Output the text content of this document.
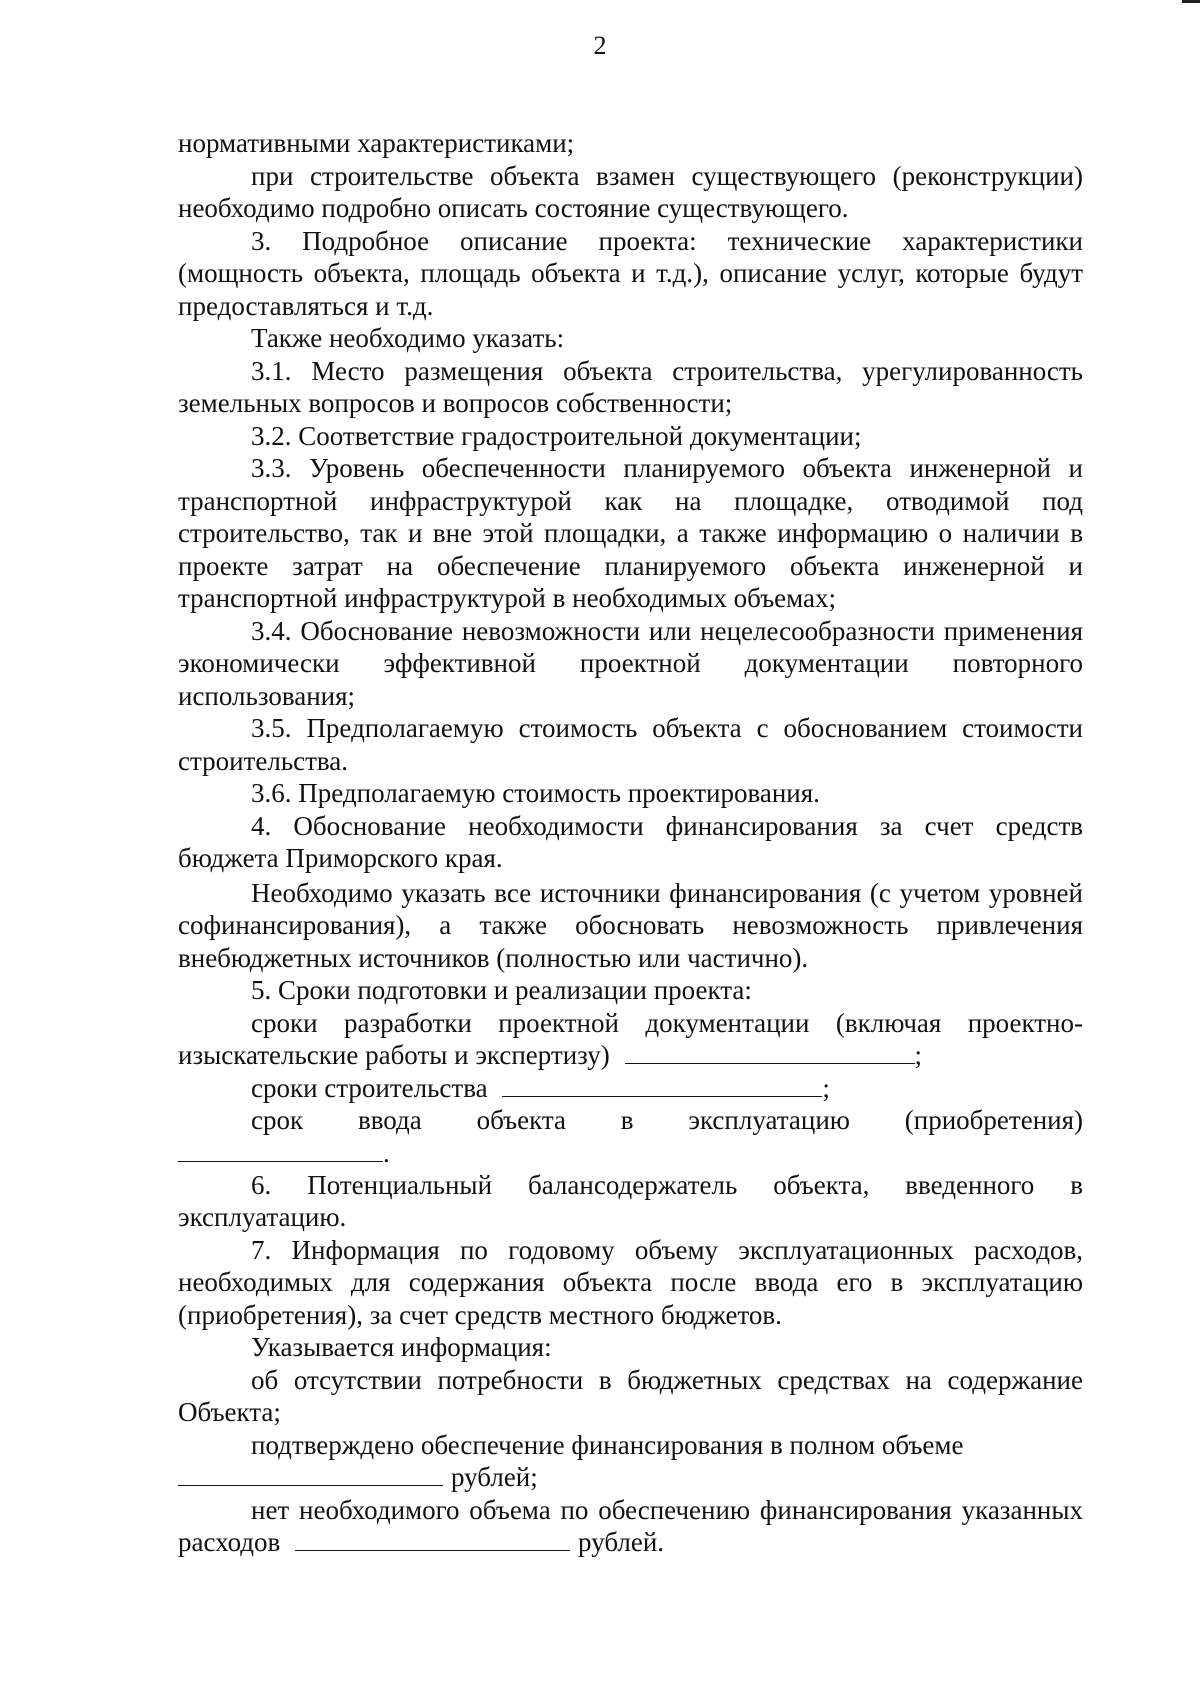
2

нормативными характеристиками;

при строительстве объекта взамен существующего (реконструкции) необходимо подробно описать состояние существующего.

3. Подробное описание проекта: технические характеристики (мощность объекта, площадь объекта и т.д.), описание услуг, которые будут предоставляться и т.д.

Также необходимо указать:

3.1. Место размещения объекта строительства, урегулированность земельных вопросов и вопросов собственности;

3.2. Соответствие градостроительной документации;

3.3. Уровень обеспеченности планируемого объекта инженерной и транспортной инфраструктурой как на площадке, отводимой под строительство, так и вне этой площадки, а также информацию о наличии в проекте затрат на обеспечение планируемого объекта инженерной и транспортной инфраструктурой в необходимых объемах;

3.4. Обоснование невозможности или нецелесообразности применения экономически эффективной проектной документации повторного использования;

3.5. Предполагаемую стоимость объекта с обоснованием стоимости строительства.

3.6. Предполагаемую стоимость проектирования.

4. Обоснование необходимости финансирования за счет средств бюджета Приморского края.

Необходимо указать все источники финансирования (с учетом уровней софинансирования), а также обосновать невозможность привлечения внебюджетных источников (полностью или частично).

5. Сроки подготовки и реализации проекта:

сроки разработки проектной документации (включая проектно-изыскательские работы и экспертизу)	;

сроки строительства	;

срок ввода объекта в эксплуатацию (приобретения)

.

6. Потенциальный балансодержатель объекта, введенного в эксплуатацию.

7. Информация по годовому объему эксплуатационных расходов, необходимых для содержания объекта после ввода его в эксплуатацию (приобретения), за счет средств местного бюджетов.

Указывается информация:

об отсутствии потребности в бюджетных средствах на содержание Объекта;

подтверждено обеспечение финансирования в полном объеме

рублей;

нет необходимого объема по обеспечению финансирования указанных расходов	рублей.
